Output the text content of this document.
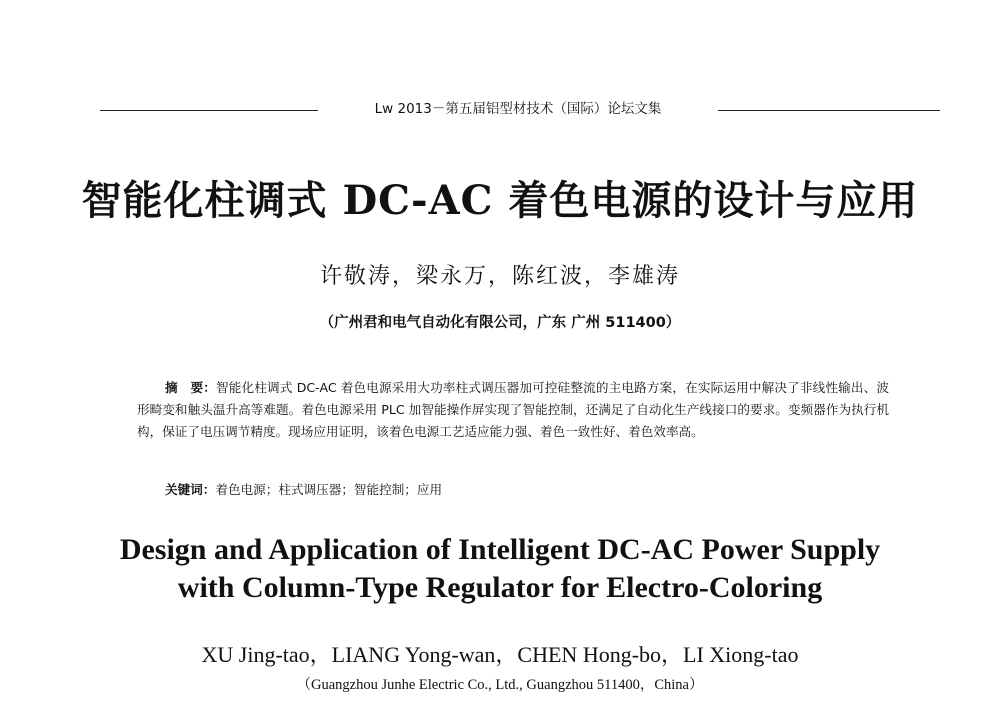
Lw 2013－第五届铝型材技术（国际）论坛文集
智能化柱调式 DC-AC 着色电源的设计与应用
许敬涛，梁永万，陈红波，李雄涛
（广州君和电气自动化有限公司，广东 广州 511400）
摘　要：智能化柱调式 DC-AC 着色电源采用大功率柱式调压器加可控硅整流的主电路方案，在实际运用中解决了非线性输出、波形畸变和触头温升高等难题。着色电源采用 PLC 加智能操作屏实现了智能控制，还满足了自动化生产线接口的要求。变频器作为执行机构，保证了电压调节精度。现场应用证明，该着色电源工艺适应能力强、着色一致性好、着色效率高。
关键词：着色电源；柱式调压器；智能控制；应用
Design and Application of Intelligent DC-AC Power Supply
with Column-Type Regulator for Electro-Coloring
XU Jing-tao，LIANG Yong-wan，CHEN Hong-bo，LI Xiong-tao
（Guangzhou Junhe Electric Co., Ltd., Guangzhou 511400，China）
